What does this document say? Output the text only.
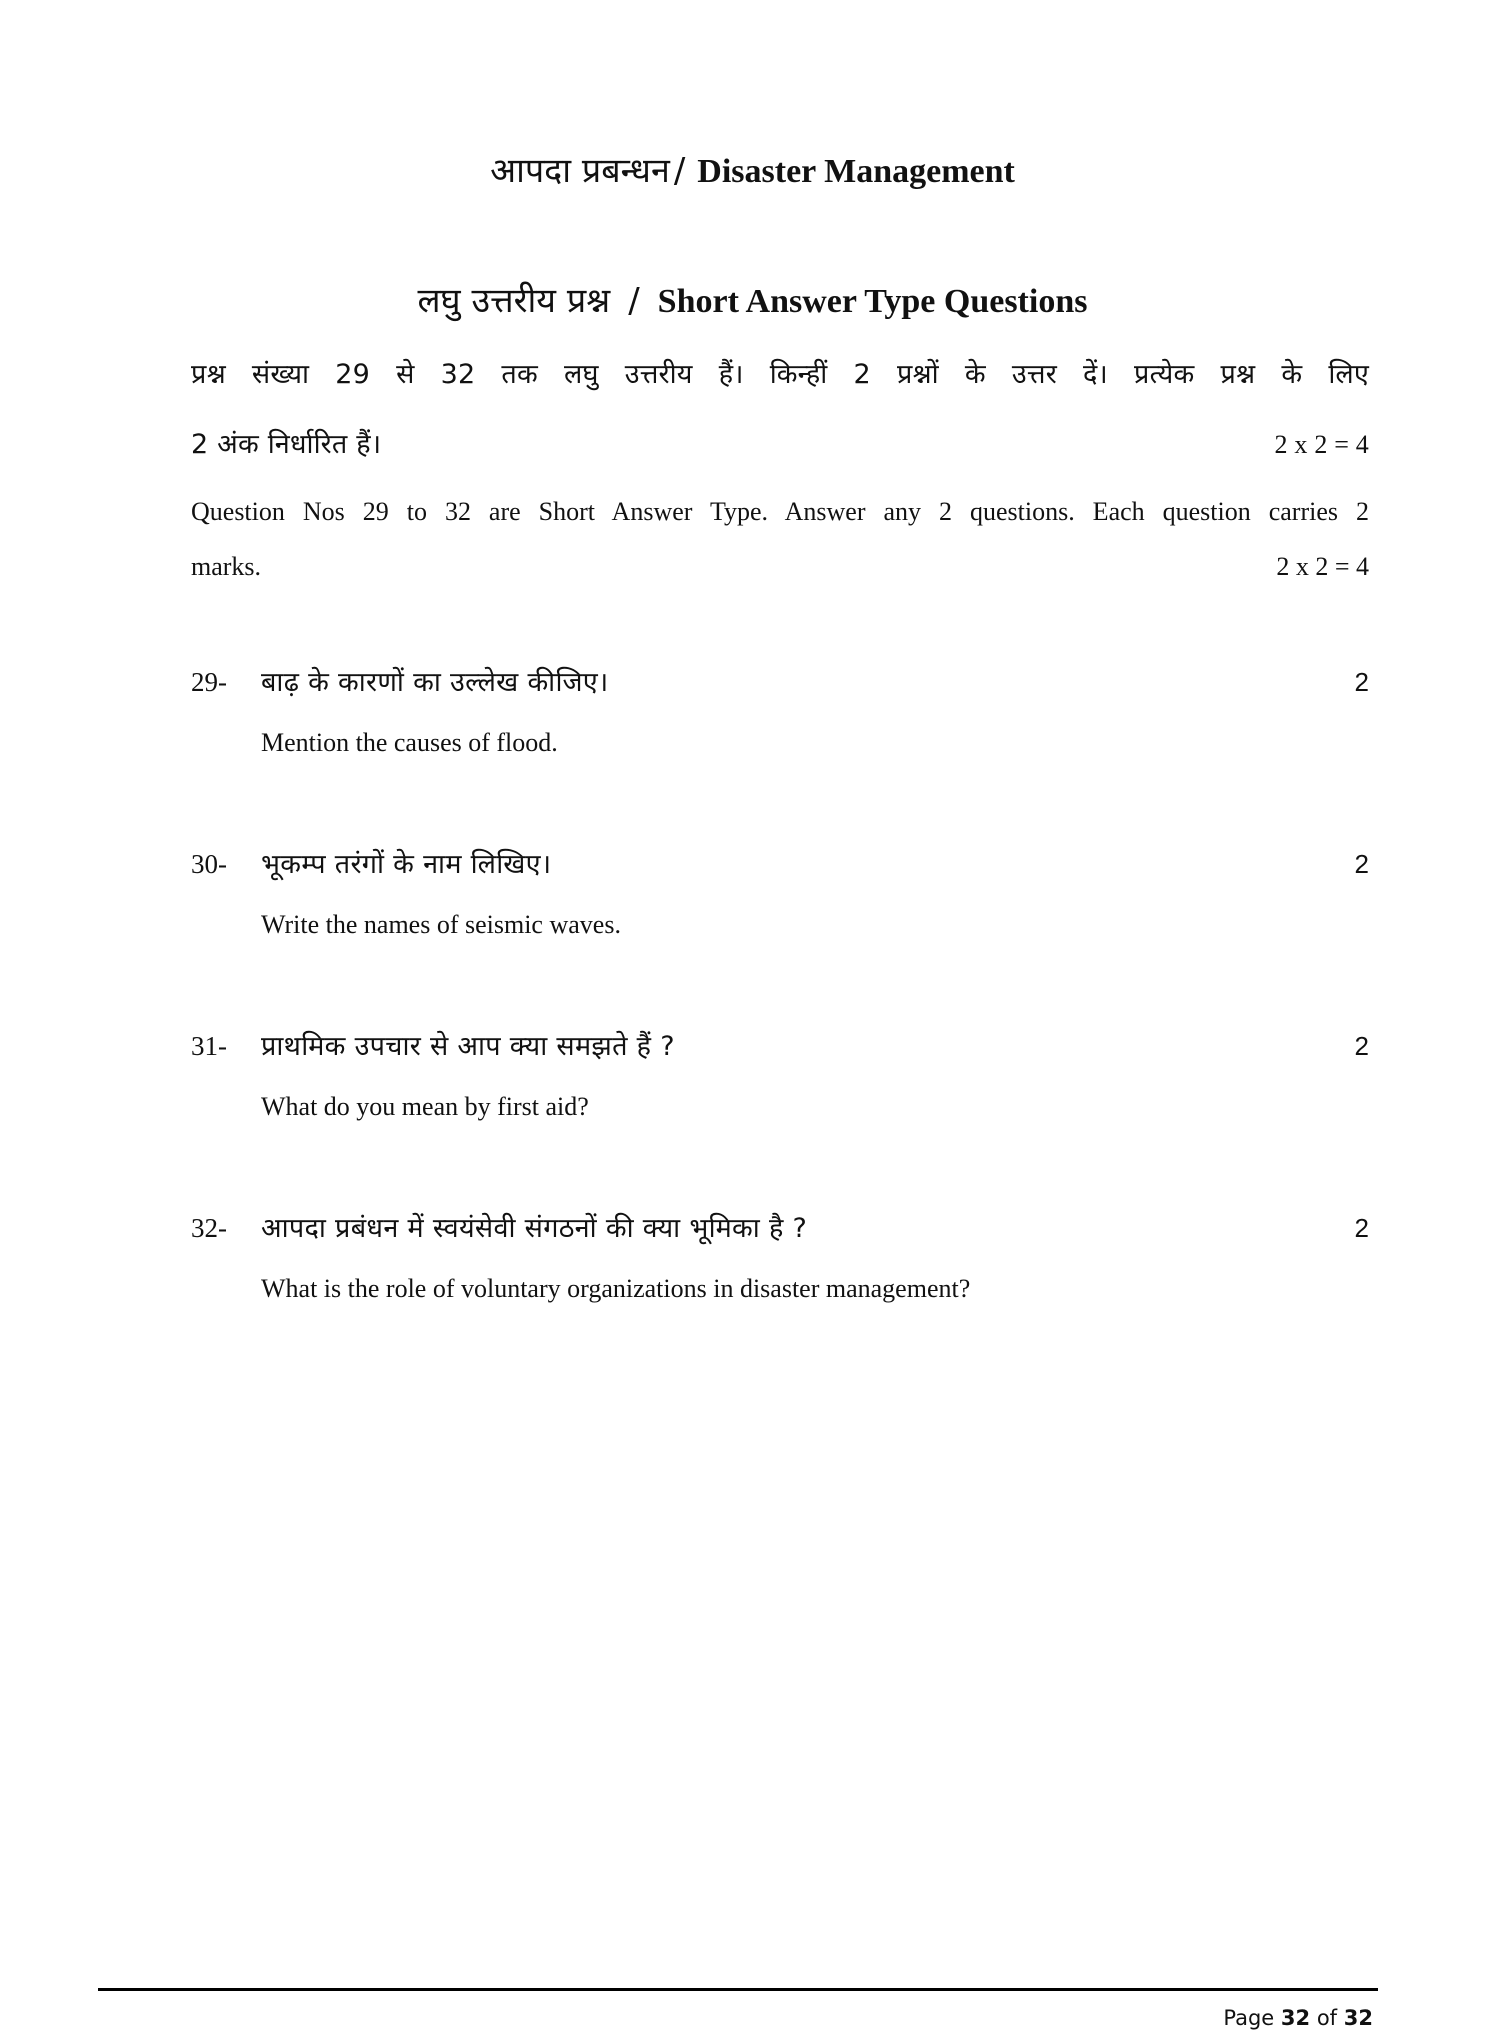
आपदा प्रबन्धन / Disaster Management
लघु उत्तरीय प्रश्न / Short Answer Type Questions
प्रश्न संख्या 29 से 32 तक लघु उत्तरीय हैं। किन्हीं 2 प्रश्नों के उत्तर दें। प्रत्येक प्रश्न के लिए
2 अंक निर्धारित हैं।	2 x 2 = 4
Question Nos 29 to 32 are Short Answer Type. Answer any 2 questions. Each question carries 2
marks.	2 x 2 = 4
29-	बाढ़ के कारणों का उल्लेख कीजिए।	2
Mention the causes of flood.
30-	भूकम्प तरंगों के नाम लिखिए।	2
Write the names of seismic waves.
31-	प्राथमिक उपचार से आप क्या समझते हैं ?	2
What do you mean by first aid?
32-	आपदा प्रबंधन में स्वयंसेवी संगठनों की क्या भूमिका है ?	2
What is the role of voluntary organizations in disaster management?
Page 32 of 32
